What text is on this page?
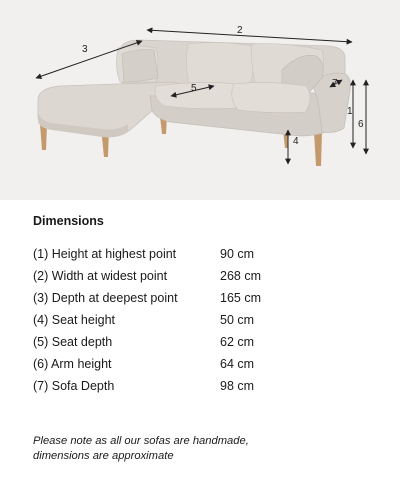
1
2
3
4
5
6
7
Dimensions
(1) Height at highest point	90 cm
(2) Width at widest point	268 cm
(3) Depth at deepest point	165 cm
(4) Seat height	50 cm
(5) Seat depth	62 cm
(6) Arm height	64 cm
(7) Sofa Depth	98 cm
Please note as all our sofas are handmade,
dimensions are approximate
